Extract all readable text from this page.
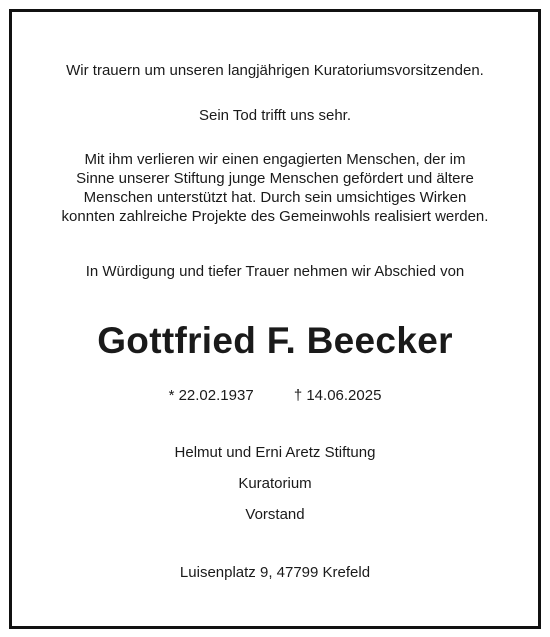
Wir trauern um unseren langjährigen Kuratoriumsvorsitzenden.
Sein Tod trifft uns sehr.
Mit ihm verlieren wir einen engagierten Menschen, der im
Sinne unserer Stiftung junge Menschen gefördert und ältere
Menschen unterstützt hat. Durch sein umsichtiges Wirken
konnten zahlreiche Projekte des Gemeinwohls realisiert werden.
In Würdigung und tiefer Trauer nehmen wir Abschied von
Gottfried F. Beecker
* 22.02.1937	† 14.06.2025
Helmut und Erni Aretz Stiftung
Kuratorium
Vorstand
Luisenplatz 9, 47799 Krefeld
